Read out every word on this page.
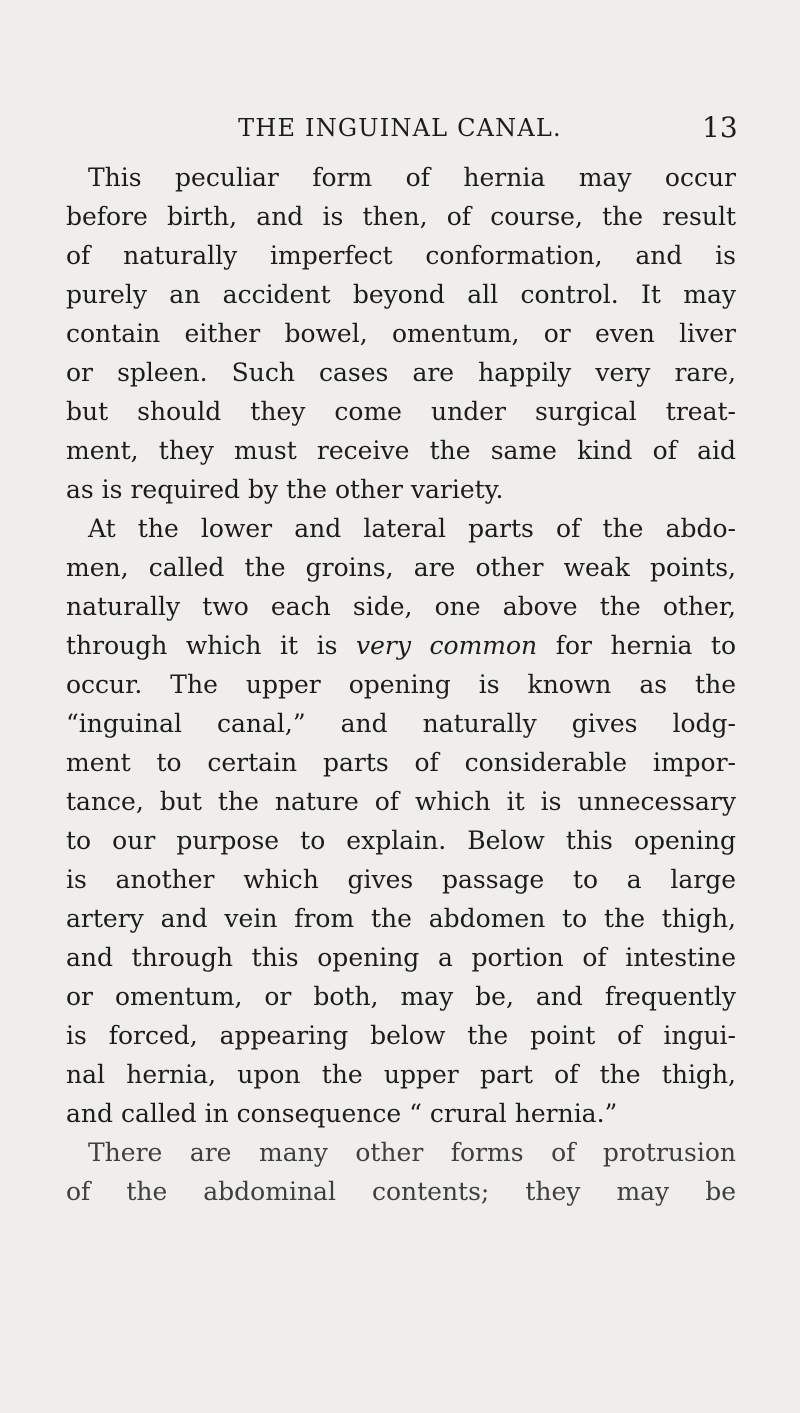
THE INGUINAL CANAL.	13
This peculiar form of hernia may occur
before birth, and is then, of course, the result
of naturally imperfect conformation, and is
purely an accident beyond all control. It may
contain either bowel, omentum, or even liver
or spleen. Such cases are happily very rare,
but should they come under surgical treat-
ment, they must receive the same kind of aid
as is required by the other variety.
At the lower and lateral parts of the abdo-
men, called the groins, are other weak points,
naturally two each side, one above the other,
through which it is very common for hernia to
occur. The upper opening is known as the
“inguinal canal,” and naturally gives lodg-
ment to certain parts of considerable impor-
tance, but the nature of which it is unnecessary
to our purpose to explain. Below this opening
is another which gives passage to a large
artery and vein from the abdomen to the thigh,
and through this opening a portion of intestine
or omentum, or both, may be, and frequently
is forced, appearing below the point of ingui-
nal hernia, upon the upper part of the thigh,
and called in consequence “ crural hernia.”
There are many other forms of protrusion
of the abdominal contents; they may be
